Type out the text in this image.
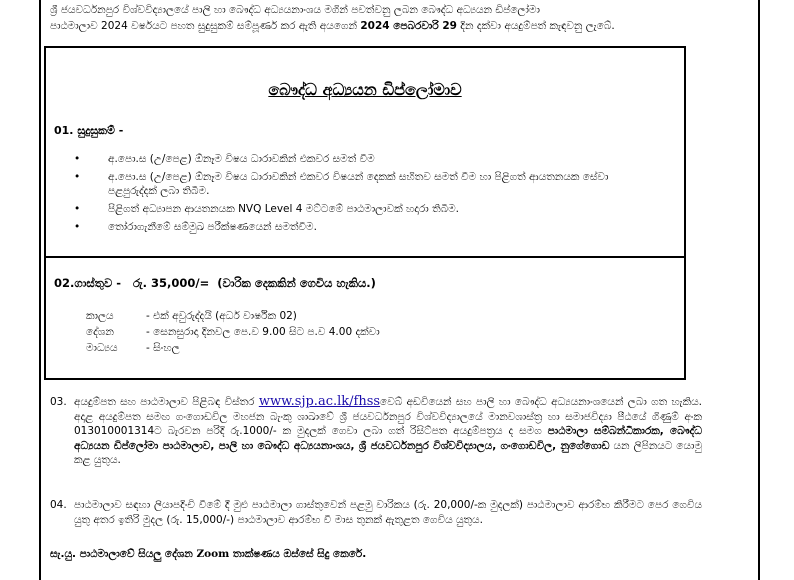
ශ්‍රී ජයවර්ධනපුර විශ්වවිද්‍යාලයේ පාලි හා බෞද්ධ අධ්‍යයනාංශය මගින් පවත්වනු ලබන බෞද්ධ අධ්‍යයන ඩිප්ලෝමා
පාඨමාලාව 2024 වර්ෂයට පහත සුදුසුකම් සම්පූර්ණ කර ඇති අයගෙන් 2024 පෙබරවාරි 29 දින දක්වා අයදුම්පත් කැඳවනු ලැබේ.
බෞද්ධ අධ්‍යයන ඩිප්ලෝමාව
01. සුදුසුකම් -
•	අ.පො.ස (උ/පෙළ) ඕනෑම විෂය ධාරාවකින් එකවර සමත් වීම
•	අ.පො.ස (උ/පෙළ) ඕනෑම විෂය ධාරාවකින් එකවර විෂයන් දෙකක් සහිතව සමත් වීම හා පිළිගත් ආයතනයක සේවා පළපුරුද්දක් ලබා තිබීම.
•	පිළිගත් අධ්‍යාපන ආයතනයක NVQ Level 4 මට්ටමේ පාඨමාලාවක් හදාරා තිබීම.
•	තෝරාගැනීමේ සම්මුඛ පරීක්ෂණයෙන් සමත්වීම.
02.ගාස්තුව - රු. 35,000/= (වාරික දෙකකින් ගෙවිය හැකිය.)
කාලය	- එක් අවුරුද්දයි (අර්ධ වාර්ෂික 02)
දේශන	- සෙනසුරාදා දිනවල පෙ.ව 9.00 සිට ප.ව 4.00 දක්වා
මාධ්‍යය	- සිංහල
03. අයදුම්පත සහ පාඨමාලාව පිළිබඳ විස්තර www.sjp.ac.lk/fhssවෙබ් අඩවියෙන් සහ පාලි හා බෞද්ධ අධ්‍යයනාංශයෙන් ලබා ගත හැකිය. අදාළ අයදුම්පත සමඟ ගංගොඩවිල මහජන බැංකු ශාඛාවේ ශ්‍රී ජයවර්ධනපුර විශ්වවිද්‍යාලයේ මානවශාස්ත්‍ර හා සමාජවිද්‍යා පීඨයේ ගිණුම් අංක 013010001314ට බැරවන පරිදි රු.1000/- ක මුදලක් ගෙවා ලබා ගත් රිසිට්පත අයදුම්පත්‍රය ද සමග පාඨමාලා සම්බන්ධීකාරක, බෞද්ධ අධ්‍යයන ඩිප්ලෝමා පාඨමාලාව, පාලි හා බෞද්ධ අධ්‍යයනාංශය, ශ්‍රී ජයවර්ධනපුර විශ්වවිද්‍යාලය, ගංගොඩවිල, නුගේගොඩ යන ලිපිනයට යොමු කළ යුතුය.
04. පාඨමාලාව සඳහා ලියාපදිංචි වීමේ දී මුළු පාඨමාලා ගාස්තුවෙන් පළමු වාරිකය (රු. 20,000/-ක මුදලක්) පාඨමාලාව ආරම්භ කිරීමට පෙර ගෙවිය යුතු අතර ඉතිරි මුදල (රු. 15,000/-) පාඨමාලාව ආරම්භ වී මාස තුනක් ඇතුළත ගෙවිය යුතුය.
සැ.යු. පාඨමාලාවේ සියලු දේශන Zoom තාක්ෂණය ඔස්සේ සිදු කෙරේ.
